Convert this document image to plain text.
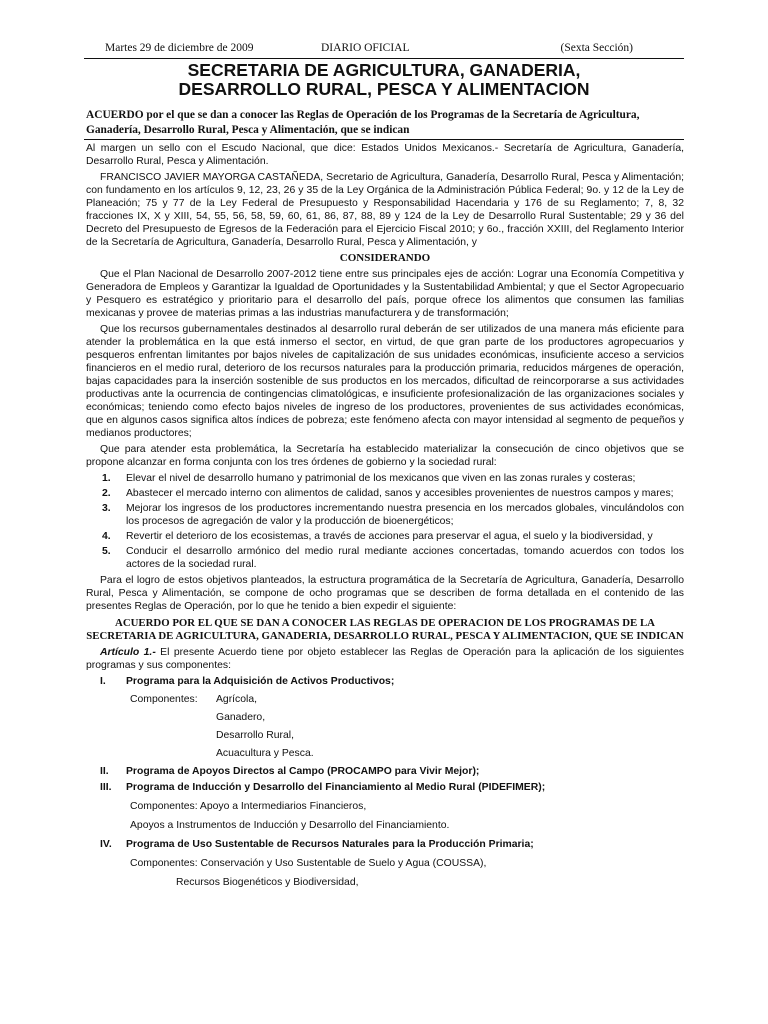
Martes 29 de diciembre de 2009	DIARIO OFICIAL	(Sexta Sección)
SECRETARIA DE AGRICULTURA, GANADERIA,
DESARROLLO RURAL, PESCA Y ALIMENTACION

ACUERDO por el que se dan a conocer las Reglas de Operación de los Programas de la Secretaría de Agricultura, Ganadería, Desarrollo Rural, Pesca y Alimentación, que se indican

Al margen un sello con el Escudo Nacional, que dice: Estados Unidos Mexicanos.- Secretaría de Agricultura, Ganadería, Desarrollo Rural, Pesca y Alimentación.

FRANCISCO JAVIER MAYORGA CASTAÑEDA, Secretario de Agricultura, Ganadería, Desarrollo Rural, Pesca y Alimentación; con fundamento en los artículos 9, 12, 23, 26 y 35 de la Ley Orgánica de la Administración Pública Federal; 9o. y 12 de la Ley de Planeación; 75 y 77 de la Ley Federal de Presupuesto y Responsabilidad Hacendaria y 176 de su Reglamento; 7, 8, 32 fracciones IX, X y XIII, 54, 55, 56, 58, 59, 60, 61, 86, 87, 88, 89 y 124 de la Ley de Desarrollo Rural Sustentable; 29 y 36 del Decreto del Presupuesto de Egresos de la Federación para el Ejercicio Fiscal 2010; y 6o., fracción XXIII, del Reglamento Interior de la Secretaría de Agricultura, Ganadería, Desarrollo Rural, Pesca y Alimentación, y

CONSIDERANDO

Que el Plan Nacional de Desarrollo 2007-2012 tiene entre sus principales ejes de acción: Lograr una Economía Competitiva y Generadora de Empleos y Garantizar la Igualdad de Oportunidades y la Sustentabilidad Ambiental; y que el Sector Agropecuario y Pesquero es estratégico y prioritario para el desarrollo del país, porque ofrece los alimentos que consumen las familias mexicanas y provee de materias primas a las industrias manufacturera y de transformación;

Que los recursos gubernamentales destinados al desarrollo rural deberán de ser utilizados de una manera más eficiente para atender la problemática en la que está inmerso el sector, en virtud, de que gran parte de los productores agropecuarios y pesqueros enfrentan limitantes por bajos niveles de capitalización de sus unidades económicas, insuficiente acceso a servicios financieros en el medio rural, deterioro de los recursos naturales para la producción primaria, reducidos márgenes de operación, bajas capacidades para la inserción sostenible de sus productos en los mercados, dificultad de reincorporarse a sus actividades productivas ante la ocurrencia de contingencias climatológicas, e insuficiente profesionalización de las organizaciones sociales y económicas; teniendo como efecto bajos niveles de ingreso de los productores, provenientes de sus actividades económicas, que en algunos casos significa altos índices de pobreza; este fenómeno afecta con mayor intensidad al segmento de pequeños y medianos productores;

Que para atender esta problemática, la Secretaría ha establecido materializar la consecución de cinco objetivos que se propone alcanzar en forma conjunta con los tres órdenes de gobierno y la sociedad rural:

1.	Elevar el nivel de desarrollo humano y patrimonial de los mexicanos que viven en las zonas rurales y costeras;
2.	Abastecer el mercado interno con alimentos de calidad, sanos y accesibles provenientes de nuestros campos y mares;
3.	Mejorar los ingresos de los productores incrementando nuestra presencia en los mercados globales, vinculándolos con los procesos de agregación de valor y la producción de bioenergéticos;
4.	Revertir el deterioro de los ecosistemas, a través de acciones para preservar el agua, el suelo y la biodiversidad, y
5.	Conducir el desarrollo armónico del medio rural mediante acciones concertadas, tomando acuerdos con todos los actores de la sociedad rural.

Para el logro de estos objetivos planteados, la estructura programática de la Secretaría de Agricultura, Ganadería, Desarrollo Rural, Pesca y Alimentación, se compone de ocho programas que se describen de forma detallada en el contenido de las presentes Reglas de Operación, por lo que he tenido a bien expedir el siguiente:

ACUERDO POR EL QUE SE DAN A CONOCER LAS REGLAS DE OPERACION DE LOS PROGRAMAS DE LA SECRETARIA DE AGRICULTURA, GANADERIA, DESARROLLO RURAL, PESCA Y ALIMENTACION, QUE SE INDICAN

Artículo 1.- El presente Acuerdo tiene por objeto establecer las Reglas de Operación para la aplicación de los siguientes programas y sus componentes:

I.	Programa para la Adquisición de Activos Productivos;
Componentes:	Agrícola,
Ganadero,
Desarrollo Rural,
Acuacultura y Pesca.
II.	Programa de Apoyos Directos al Campo (PROCAMPO para Vivir Mejor);
III.	Programa de Inducción y Desarrollo del Financiamiento al Medio Rural (PIDEFIMER);
Componentes: Apoyo a Intermediarios Financieros,
Apoyos a Instrumentos de Inducción y Desarrollo del Financiamiento.
IV.	Programa de Uso Sustentable de Recursos Naturales para la Producción Primaria;
Componentes: Conservación y Uso Sustentable de Suelo y Agua (COUSSA),
Recursos Biogenéticos y Biodiversidad,
